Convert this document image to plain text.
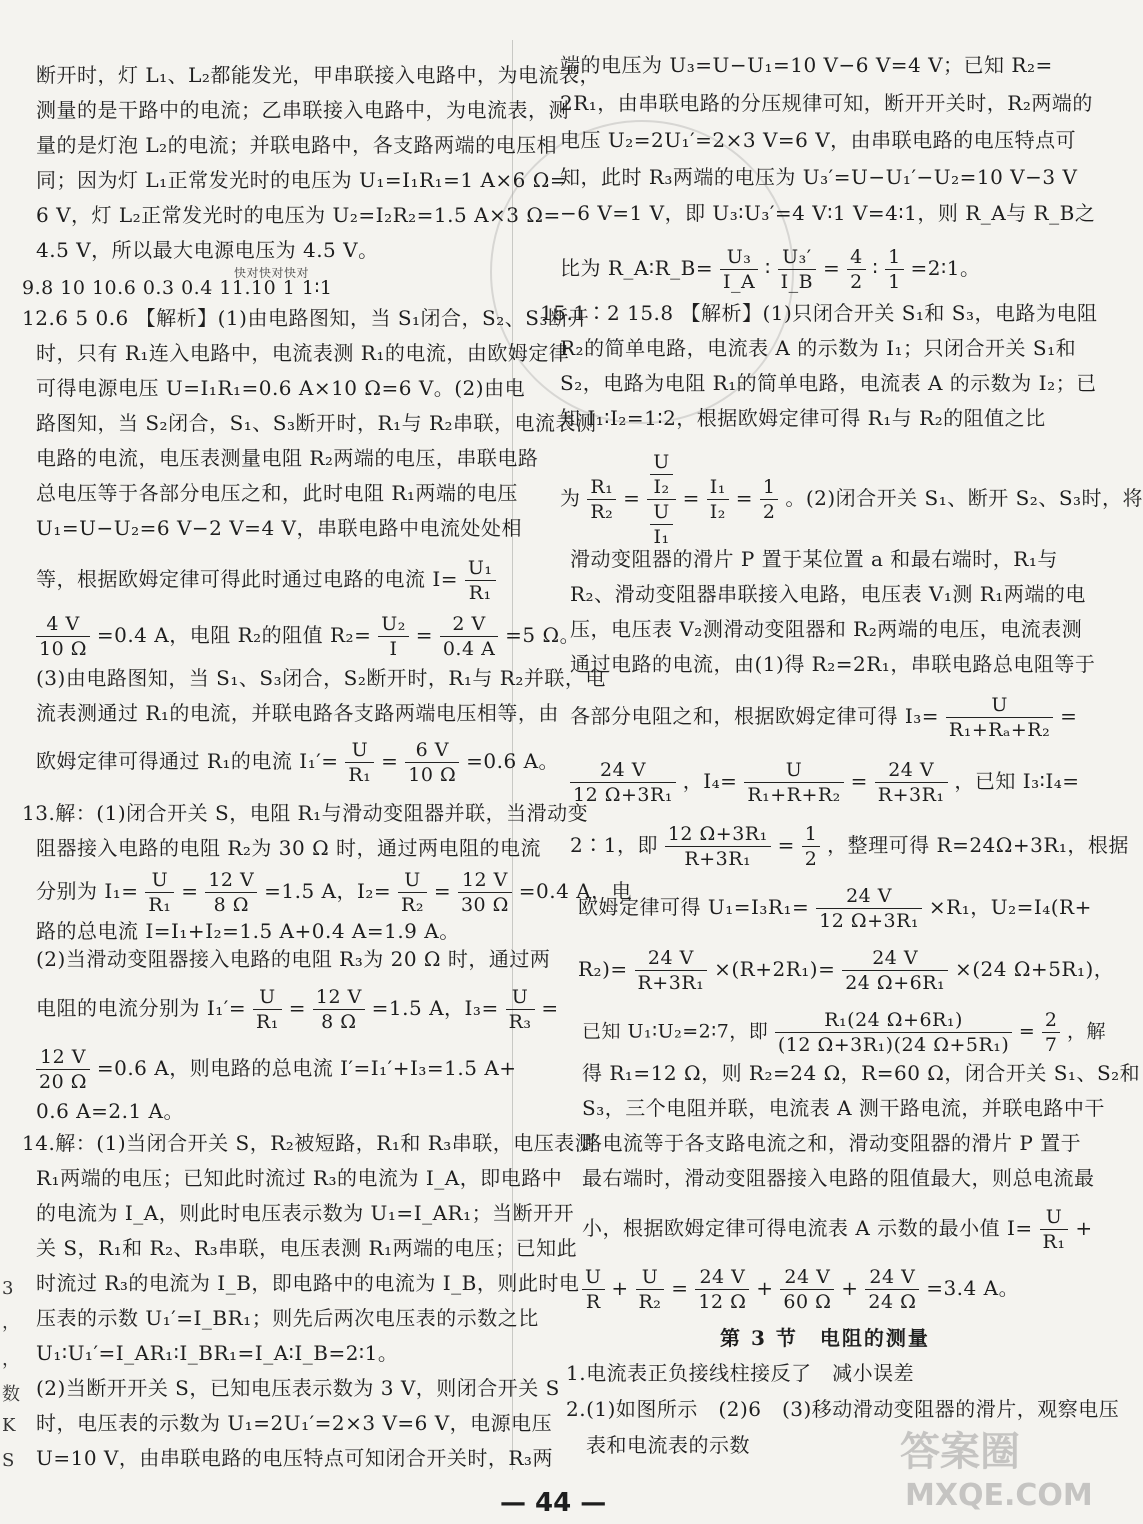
断开时，灯 L₁、L₂都能发光，甲串联接入电路中，为电流表，
测量的是干路中的电流；乙串联接入电路中，为电流表，测
量的是灯泡 L₂的电流；并联电路中，各支路两端的电压相
同；因为灯 L₁正常发光时的电压为 U₁=I₁R₁=1 A×6 Ω=
6 V，灯 L₂正常发光时的电压为 U₂=I₂R₂=1.5 A×3 Ω=
4.5 V，所以最大电源电压为 4.5 V。
9.8 10 10.6 0.3 0.4 11.10 1 1∶1
12.6 5 0.6 【解析】(1)由电路图知，当 S₁闭合，S₂、S₃断开
时，只有 R₁连入电路中，电流表测 R₁的电流，由欧姆定律
可得电源电压 U=I₁R₁=0.6 A×10 Ω=6 V。(2)由电
路图知，当 S₂闭合，S₁、S₃断开时，R₁与 R₂串联，电流表测
电路的电流，电压表测量电阻 R₂两端的电压，串联电路
总电压等于各部分电压之和，此时电阻 R₁两端的电压
U₁=U−U₂=6 V−2 V=4 V，串联电路中电流处处相
等，根据欧姆定律可得此时通过电路的电流 $I= \frac{\text{U₁}}{\text{R₁}}$
$\frac{4 V}{10 \Omega} =0.4$ A，电阻 R₂的阻值 $R_2= \frac{\text{U₂}}{I} = \frac{2 V}{0.4 A} =5$ Ω。
(3)由电路图知，当 S₁、S₃闭合，S₂断开时，R₁与 R₂并联，电
流表测通过 R₁的电流，并联电路各支路两端电压相等，由
欧姆定律可得通过 R₁的电流 $I_1'= \frac{U}{\text{R₁}} = \frac{6 V}{10 \Omega} =0.6$ A。
13.解：(1)闭合开关 S，电阻 R₁与滑动变阻器并联，当滑动变
阻器接入电路的电阻 R₂为 30 Ω 时，通过两电阻的电流
分别为 $I_1= \frac{U}{\text{R₁}} = \frac{12 V}{8 \Omega} =1.5$ A，$I_2= \frac{U}{\text{R₂}} = \frac{12 V}{30 \Omega} =0.4$ A，电
路的总电流 I=I₁+I₂=1.5 A+0.4 A=1.9 A。
(2)当滑动变阻器接入电路的电阻 R₃为 20 Ω 时，通过两
电阻的电流分别为 $I_1'= \frac{U}{\text{R₁}} = \frac{12 V}{8 \Omega} =1.5$ A，$I_3= \frac{U}{\text{R₃}}$ =
$\frac{12 V}{20 \Omega} =0.6$ A，则电路的总电流 I′=I₁′+I₃=1.5 A+
0.6 A=2.1 A。
14.解：(1)当闭合开关 S，R₂被短路，R₁和 R₃串联，电压表测
R₁两端的电压；已知此时流过 R₃的电流为 I_A，即电路中
的电流为 I_A，则此时电压表示数为 U₁=I_AR₁；当断开开
关 S，R₁和 R₂、R₃串联，电压表测 R₁两端的电压；已知此
时流过 R₃的电流为 I_B，即电路中的电流为 I_B，则此时电
压表的示数 U₁′=I_BR₁；则先后两次电压表的示数之比
U₁∶U₁′=I_AR₁∶I_BR₁=I_A∶I_B=2∶1。
(2)当断开开关 S，已知电压表示数为 3 V，则闭合开关 S
时，电压表的示数为 U₁=2U₁′=2×3 V=6 V，电源电压
U=10 V，由串联电路的电压特点可知闭合开关时，R₃两
端的电压为 U₃=U−U₁=10 V−6 V=4 V；已知 R₂=
2R₁，由串联电路的分压规律可知，断开开关时，R₂两端的
电压 U₂=2U₁′=2×3 V=6 V，由串联电路的电压特点可
知，此时 R₃两端的电压为 U₃′=U−U₁′−U₂=10 V−3 V
−6 V=1 V，即 U₃∶U₃′=4 V∶1 V=4∶1，则 R_A与 R_B之
比为 R_A∶R_B= $\frac{\text{U₃}}{I\_A}$ ∶ $\frac{\text{U₃′}}{I\_B} = \frac{4}{2}$ ∶ $\frac{1}{1}$ =2∶1。
15.1∶2 15.8 【解析】(1)只闭合开关 S₁和 S₃，电路为电阻
R₂的简单电路，电流表 A 的示数为 I₁；只闭合开关 S₁和
S₂，电路为电阻 R₁的简单电路，电流表 A 的示数为 I₂；已
知 I₁∶I₂=1∶2，根据欧姆定律可得 R₁与 R₂的阻值之比
为 $\frac{\text{R₁}}{\text{R₂}} = \frac{\frac{U}{\text{I₂}}}{\frac{U}{\text{I₁}}} = \frac{\text{I₁}}{\text{I₂}} = \frac{1}{2}$ 。(2)闭合开关 S₁、断开 S₂、S₃时，将
滑动变阻器的滑片 P 置于某位置 a 和最右端时，R₁与
R₂、滑动变阻器串联接入电路，电压表 V₁测 R₁两端的电
压，电压表 V₂测滑动变阻器和 R₂两端的电压，电流表测
通过电路的电流，由(1)得 R₂=2R₁，串联电路总电阻等于
各部分电阻之和，根据欧姆定律可得 $I_3= \frac{U}{\text{R₁+Rₐ+R₂}}$ =
$\frac{24 V}{\text{12 Ω+3R₁}}$ ，$I_4= \frac{U}{\text{R₁+R+R₂}} = \frac{24 V}{\text{R+3R₁}}$ ，已知 I₃∶I₄=
2∶1，即 $\frac{\text{12 Ω+3R₁}}{\text{R+3R₁}} = \frac{1}{2}$ ，整理可得 R=24Ω+3R₁，根据
欧姆定律可得 $U_1=I_3R_1= \frac{24 V}{\text{12 Ω+3R₁}} \times R_1$，U₂=I₄(R+
$R_2)= \frac{24 V}{\text{R+3R₁}} \times(R+2R_1)= \frac{24 V}{\text{24 Ω+6R₁}} \times(24$ Ω+5R₁)，
已知 U₁∶U₂=2∶7，即 $\frac{\text{R₁(24 Ω+6R₁)}}{\text{(12 Ω+3R₁)(24 Ω+5R₁)}} = \frac{2}{7}$ ，解
得 R₁=12 Ω，则 R₂=24 Ω，R=60 Ω，闭合开关 S₁、S₂和
S₃，三个电阻并联，电流表 A 测干路电流，并联电路中干
路电流等于各支路电流之和，滑动变阻器的滑片 P 置于
最右端时，滑动变阻器接入电路的阻值最大，则总电流最
小，根据欧姆定律可得电流表 A 示数的最小值 $I= \frac{U}{\text{R₁}}$ +
$\frac{U}{R} + \frac{U}{\text{R₂}} = \frac{24 V}{12 \Omega} + \frac{24 V}{60 \Omega} + \frac{24 V}{24 \Omega} =3.4$ A。
第 3 节　电阻的测量
1.电流表正负接线柱接反了　减小误差
2.(1)如图所示　(2)6　(3)移动滑动变阻器的滑片，观察电压
表和电流表的示数
快对快对快对
3
，
，
数
K
S
— 44 —
答案圈
MXQE.COM
